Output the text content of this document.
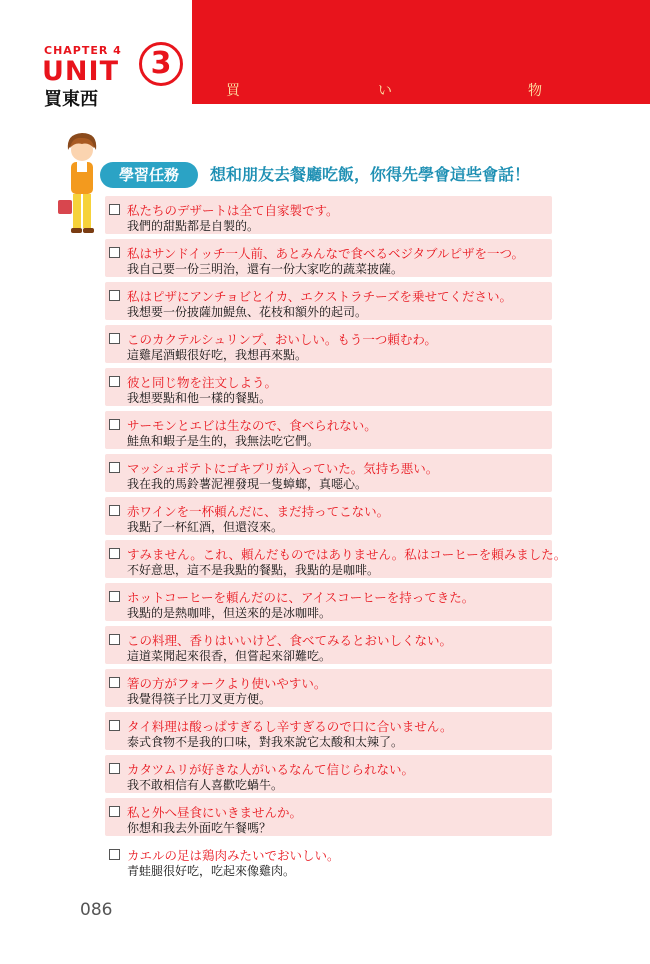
買	い	物
CHAPTER 4
UNIT
買東西
3
學習任務	想和朋友去餐廳吃飯，你得先學會這些會話！
私たちのデザートは全て自家製です。
我們的甜點都是自製的。
私はサンドイッチ一人前、あとみんなで食べるベジタブルピザを一つ。
我自己要一份三明治，還有一份大家吃的蔬菜披薩。
私はピザにアンチョビとイカ、エクストラチーズを乗せてください。
我想要一份披薩加鯷魚、花枝和額外的起司。
このカクテルシュリンプ、おいしい。もう一つ頼むわ。
這雞尾酒蝦很好吃，我想再來點。
彼と同じ物を注文しよう。
我想要點和他一樣的餐點。
サーモンとエビは生なので、食べられない。
鮭魚和蝦子是生的，我無法吃它們。
マッシュポテトにゴキブリが入っていた。気持ち悪い。
我在我的馬鈴薯泥裡發現一隻蟑螂，真噁心。
赤ワインを一杯頼んだに、まだ持ってこない。
我點了一杯紅酒，但還沒來。
すみません。これ、頼んだものではありません。私はコーヒーを頼みました。
不好意思，這不是我點的餐點，我點的是咖啡。
ホットコーヒーを頼んだのに、アイスコーヒーを持ってきた。
我點的是熱咖啡，但送來的是冰咖啡。
この料理、香りはいいけど、食べてみるとおいしくない。
這道菜聞起來很香，但嘗起來卻難吃。
箸の方がフォークより使いやすい。
我覺得筷子比刀叉更方便。
タイ料理は酸っぱすぎるし辛すぎるので口に合いません。
泰式食物不是我的口味，對我來說它太酸和太辣了。
カタツムリが好きな人がいるなんて信じられない。
我不敢相信有人喜歡吃蝸牛。
私と外へ昼食にいきませんか。
你想和我去外面吃午餐嗎？
カエルの足は鶏肉みたいでおいしい。
青蛙腿很好吃，吃起來像雞肉。
086
